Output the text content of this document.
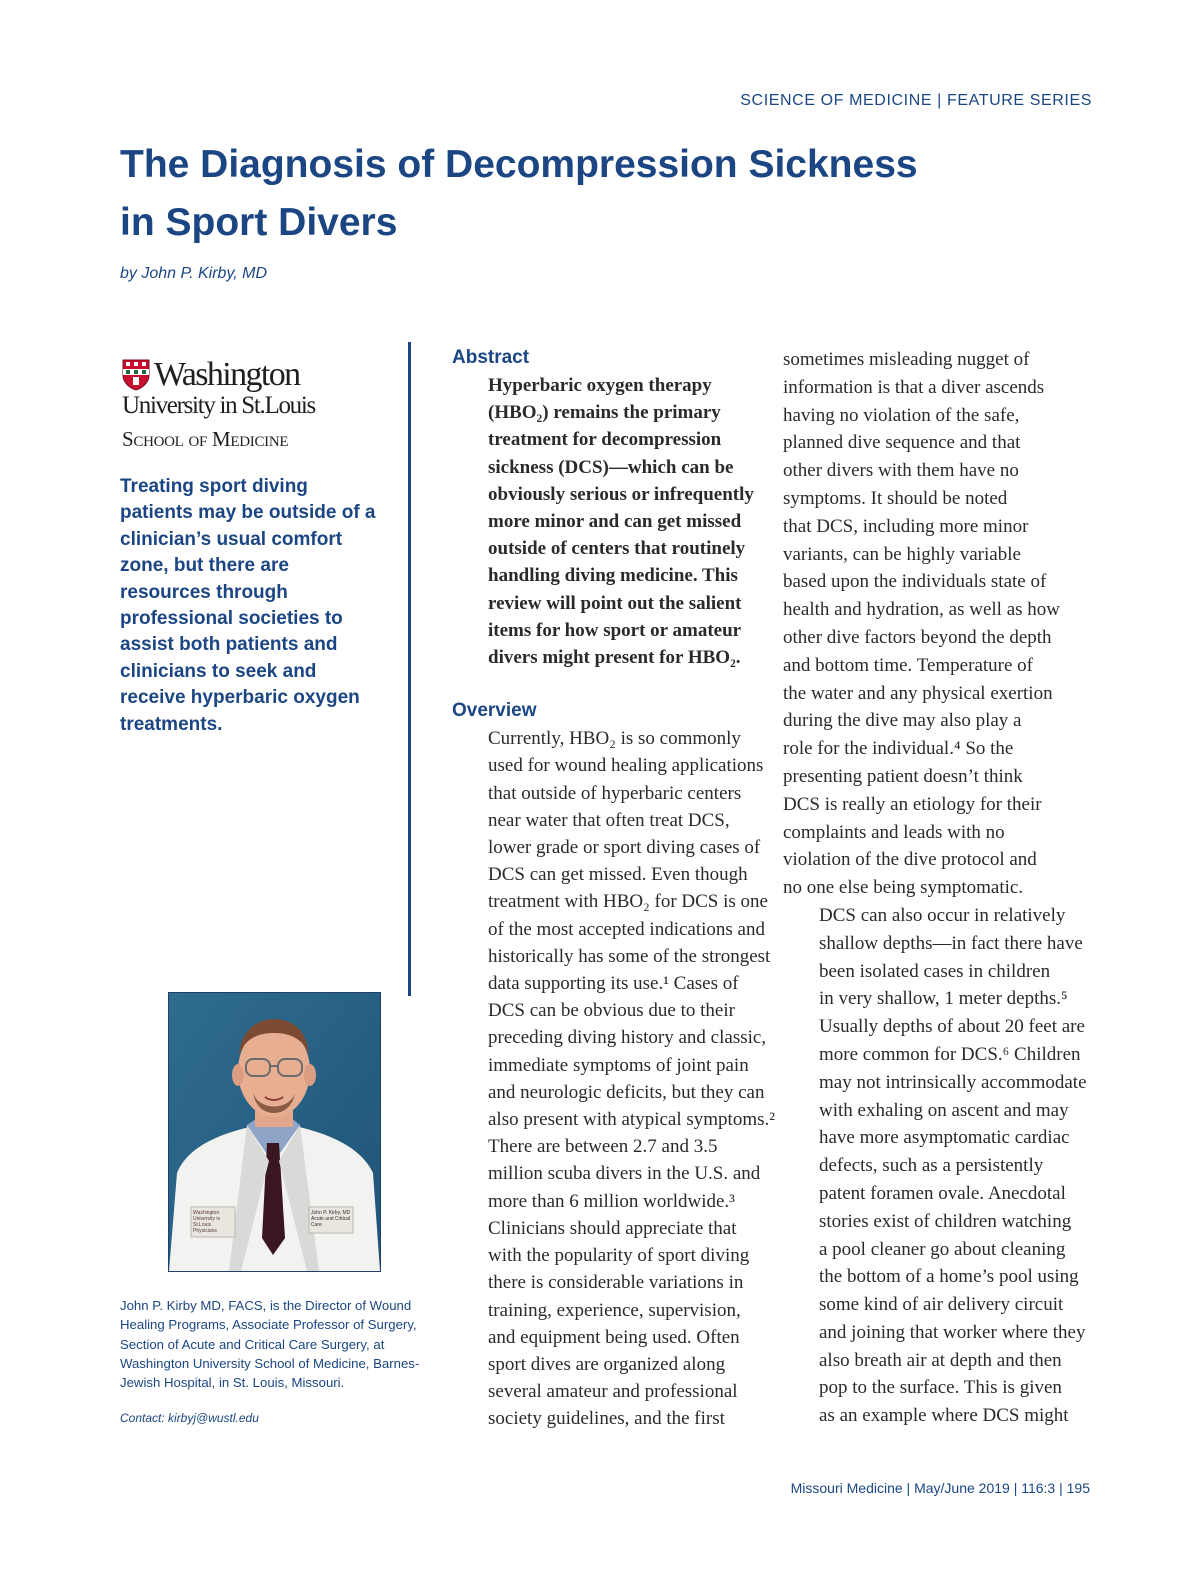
SCIENCE OF MEDICINE | FEATURE SERIES
The Diagnosis of Decompression Sickness
in Sport Divers
by John P. Kirby, MD
Washington
University in St.Louis
School of Medicine
Treating sport diving patients may be outside of a clinician’s usual comfort zone, but there are resources through professional societies to assist both patients and clinicians to seek and receive hyperbaric oxygen treatments.
Washington University in St.Louis Physicians
John P. Kirby, MD Acute and Critical Care
John P. Kirby MD, FACS, is the Director of Wound Healing Programs, Associate Professor of Surgery, Section of Acute and Critical Care Surgery, at Washington University School of Medicine, Barnes-Jewish Hospital, in St. Louis, Missouri.
Contact: kirbyj@wustl.edu

Abstract

Hyperbaric oxygen therapy
(HBO₂) remains the primary
treatment for decompression
sickness (DCS)—which can be
obviously serious or infrequently
more minor and can get missed
outside of centers that routinely
handling diving medicine. This
review will point out the salient
items for how sport or amateur
divers might present for HBO₂.

Overview

Currently, HBO₂ is so commonly
used for wound healing applications
that outside of hyperbaric centers
near water that often treat DCS,
lower grade or sport diving cases of
DCS can get missed. Even though
treatment with HBO₂ for DCS is one
of the most accepted indications and
historically has some of the strongest
data supporting its use.¹ Cases of
DCS can be obvious due to their
preceding diving history and classic,
immediate symptoms of joint pain
and neurologic deficits, but they can
also present with atypical symptoms.²

There are between 2.7 and 3.5
million scuba divers in the U.S. and
more than 6 million worldwide.³
Clinicians should appreciate that
with the popularity of sport diving
there is considerable variations in
training, experience, supervision,
and equipment being used. Often
sport dives are organized along
several amateur and professional
society guidelines, and the first

sometimes misleading nugget of
information is that a diver ascends
having no violation of the safe,
planned dive sequence and that
other divers with them have no
symptoms. It should be noted
that DCS, including more minor
variants, can be highly variable
based upon the individuals state of
health and hydration, as well as how
other dive factors beyond the depth
and bottom time. Temperature of
the water and any physical exertion
during the dive may also play a
role for the individual.⁴ So the
presenting patient doesn’t think
DCS is really an etiology for their
complaints and leads with no
violation of the dive protocol and
no one else being symptomatic.

DCS can also occur in relatively
shallow depths—in fact there have
been isolated cases in children
in very shallow, 1 meter depths.⁵
Usually depths of about 20 feet are
more common for DCS.⁶ Children
may not intrinsically accommodate
with exhaling on ascent and may
have more asymptomatic cardiac
defects, such as a persistently
patent foramen ovale. Anecdotal
stories exist of children watching
a pool cleaner go about cleaning
the bottom of a home’s pool using
some kind of air delivery circuit
and joining that worker where they
also breath air at depth and then
pop to the surface. This is given
as an example where DCS might

Missouri Medicine | May/June 2019 | 116:3 | 195
